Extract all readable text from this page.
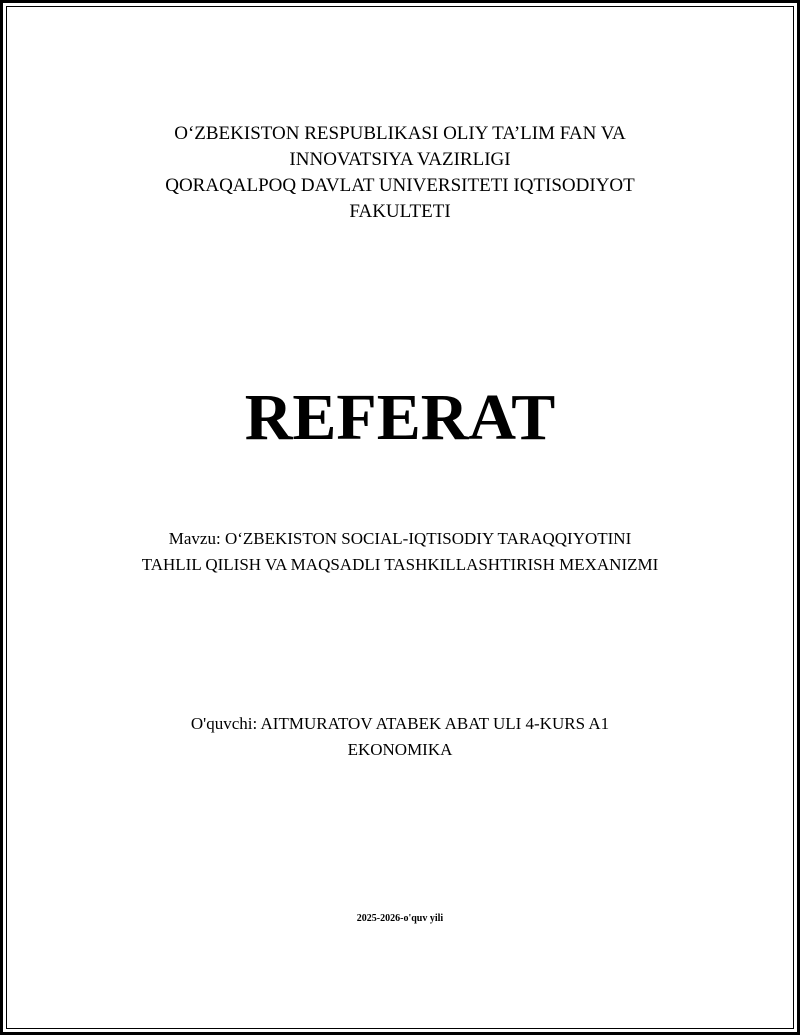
O‘ZBEKISTON RESPUBLIKASI OLIY TA’LIM FAN VA
INNOVATSIYA VAZIRLIGI
QORAQALPOQ DAVLAT UNIVERSITETI IQTISODIYOT
FAKULTETI
REFERAT
Mavzu: O‘ZBEKISTON SOCIAL-IQTISODIY TARAQQIYOTINI
TAHLIL QILISH VA MAQSADLI TASHKILLASHTIRISH MEXANIZMI
O'quvchi: AITMURATOV ATABEK ABAT ULI 4-KURS A1
EKONOMIKA
2025-2026-o'quv yili
